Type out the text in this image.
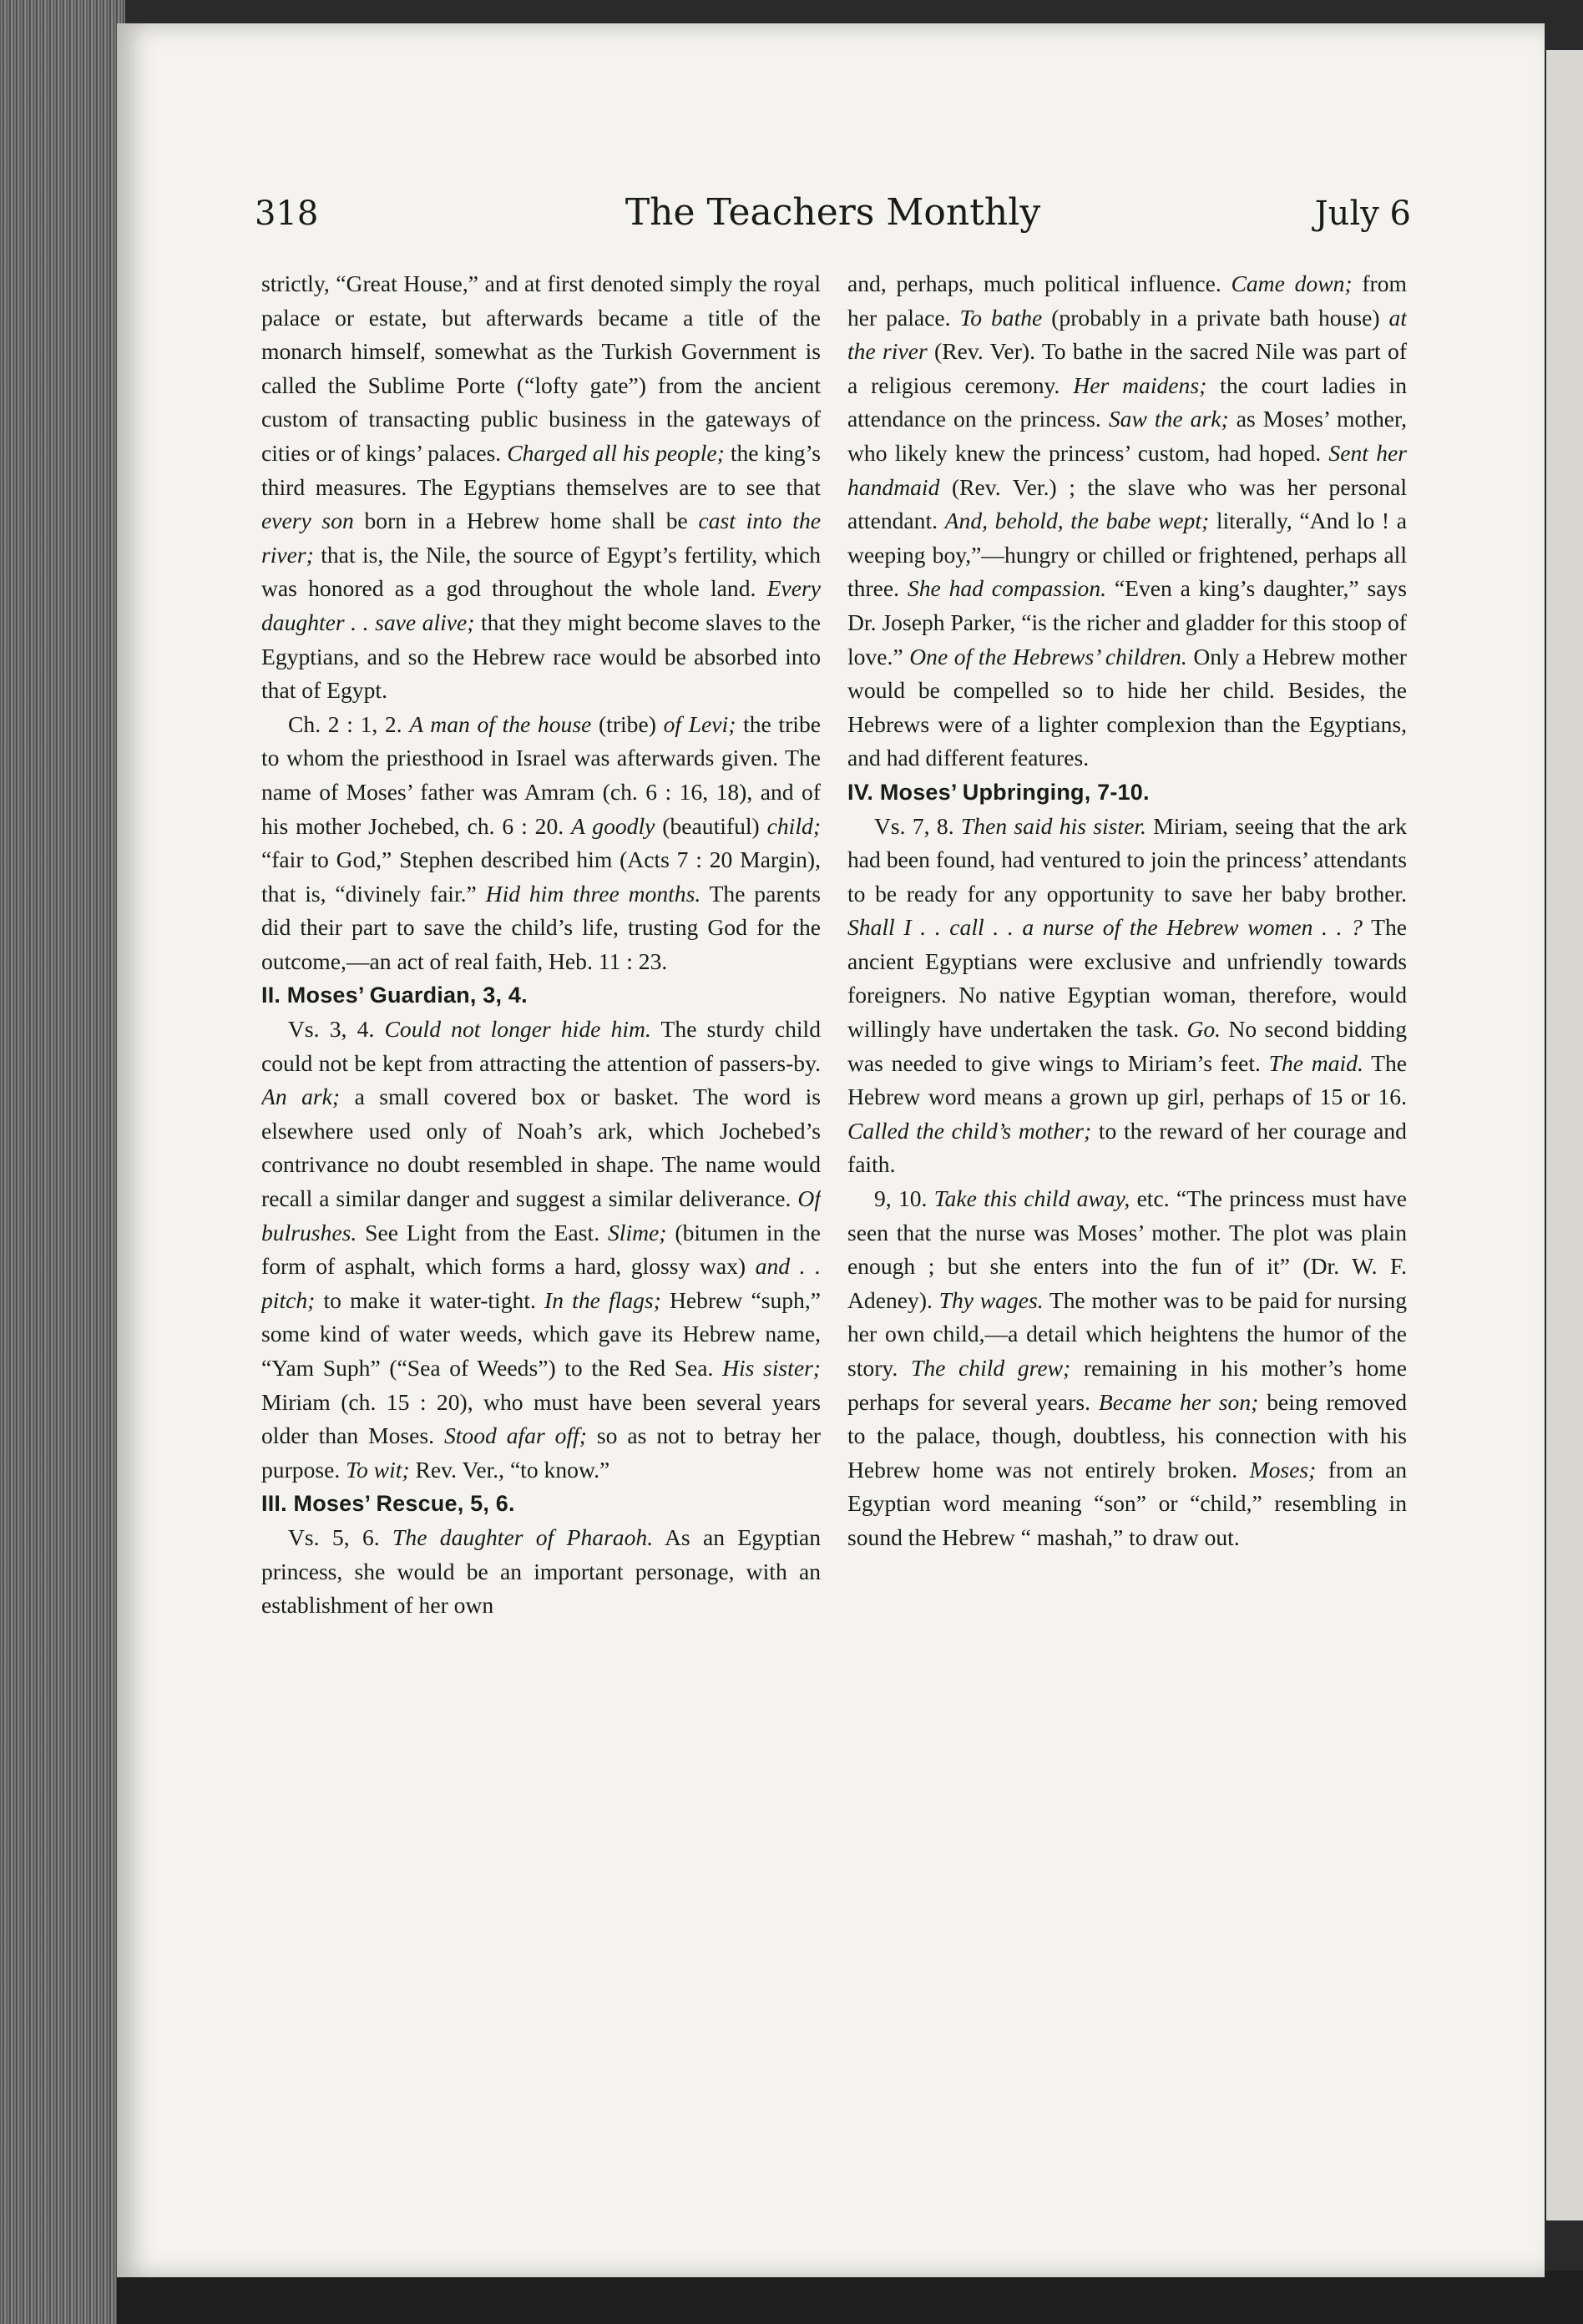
318	The Teachers Monthly	July 6

strictly, “Great House,” and at first denoted simply the royal palace or estate, but afterwards became a title of the monarch himself, somewhat as the Turkish Government is called the Sublime Porte (“lofty gate”) from the ancient custom of transacting public business in the gateways of cities or of kings’ palaces. Charged all his people; the king’s third measures. The Egyptians themselves are to see that every son born in a Hebrew home shall be cast into the river; that is, the Nile, the source of Egypt’s fertility, which was honored as a god throughout the whole land. Every daughter . . save alive; that they might become slaves to the Egyptians, and so the Hebrew race would be absorbed into that of Egypt.

Ch. 2 : 1, 2. A man of the house (tribe) of Levi; the tribe to whom the priesthood in Israel was afterwards given. The name of Moses’ father was Amram (ch. 6 : 16, 18), and of his mother Jochebed, ch. 6 : 20. A goodly (beautiful) child; “fair to God,” Stephen described him (Acts 7 : 20 Margin), that is, “divinely fair.” Hid him three months. The parents did their part to save the child’s life, trusting God for the outcome,—an act of real faith, Heb. 11 : 23.

II. Moses’ Guardian, 3, 4.

Vs. 3, 4. Could not longer hide him. The sturdy child could not be kept from attracting the attention of passers-by. An ark; a small covered box or basket. The word is elsewhere used only of Noah’s ark, which Jochebed’s contrivance no doubt resembled in shape. The name would recall a similar danger and suggest a similar deliverance. Of bulrushes. See Light from the East. Slime; (bitumen in the form of asphalt, which forms a hard, glossy wax) and . . pitch; to make it water-tight. In the flags; Hebrew “suph,” some kind of water weeds, which gave its Hebrew name, “Yam Suph” (“Sea of Weeds”) to the Red Sea. His sister; Miriam (ch. 15 : 20), who must have been several years older than Moses. Stood afar off; so as not to betray her purpose. To wit; Rev. Ver., “to know.”

III. Moses’ Rescue, 5, 6.

Vs. 5, 6. The daughter of Pharaoh. As an Egyptian princess, she would be an important personage, with an establishment of her own

and, perhaps, much political influence. Came down; from her palace. To bathe (probably in a private bath house) at the river (Rev. Ver). To bathe in the sacred Nile was part of a religious ceremony. Her maidens; the court ladies in attendance on the princess. Saw the ark; as Moses’ mother, who likely knew the princess’ custom, had hoped. Sent her handmaid (Rev. Ver.) ; the slave who was her personal attendant. And, behold, the babe wept; literally, “And lo ! a weeping boy,”—hungry or chilled or frightened, perhaps all three. She had compassion. “Even a king’s daughter,” says Dr. Joseph Parker, “is the richer and gladder for this stoop of love.” One of the Hebrews’ children. Only a Hebrew mother would be compelled so to hide her child. Besides, the Hebrews were of a lighter complexion than the Egyptians, and had different features.

IV. Moses’ Upbringing, 7-10.

Vs. 7, 8. Then said his sister. Miriam, seeing that the ark had been found, had ventured to join the princess’ attendants to be ready for any opportunity to save her baby brother. Shall I . . call . . a nurse of the Hebrew women . . ? The ancient Egyptians were exclusive and unfriendly towards foreigners. No native Egyptian woman, therefore, would willingly have undertaken the task. Go. No second bidding was needed to give wings to Miriam’s feet. The maid. The Hebrew word means a grown up girl, perhaps of 15 or 16. Called the child’s mother; to the reward of her courage and faith.

9, 10. Take this child away, etc. “The princess must have seen that the nurse was Moses’ mother. The plot was plain enough ; but she enters into the fun of it” (Dr. W. F. Adeney). Thy wages. The mother was to be paid for nursing her own child,—a detail which heightens the humor of the story. The child grew; remaining in his mother’s home perhaps for several years. Became her son; being removed to the palace, though, doubtless, his connection with his Hebrew home was not entirely broken. Moses; from an Egyptian word meaning “son” or “child,” resembling in sound the Hebrew “ mashah,” to draw out.
